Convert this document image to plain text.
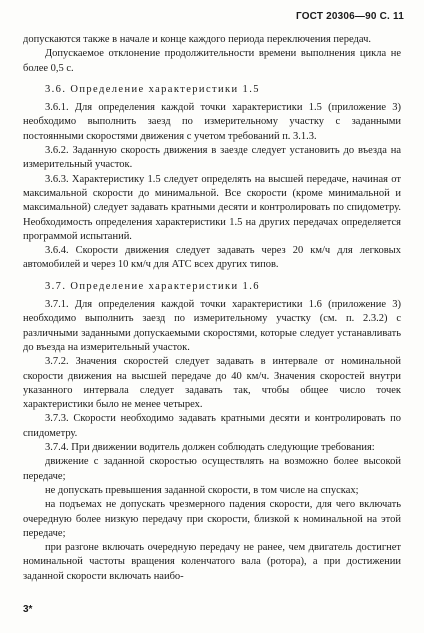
ГОСТ 20306—90 С. 11

допускаются также в начале и конце каждого периода переключения передач.

Допускаемое отклонение продолжительности времени выполнения цикла не более 0,5 с.

3.6. Определение характеристики 1.5

3.6.1. Для определения каждой точки характеристики 1.5 (приложение 3) необходимо выполнить заезд по измерительному участку с заданными постоянными скоростями движения с учетом требований п. 3.1.3.

3.6.2. Заданную скорость движения в заезде следует установить до въезда на измерительный участок.

3.6.3. Характеристику 1.5 следует определять на высшей передаче, начиная от максимальной скорости до минимальной. Все скорости (кроме минимальной и максимальной) следует задавать кратными десяти и контролировать по спидометру. Необходимость определения характеристики 1.5 на других передачах определяется программой испытаний.

3.6.4. Скорости движения следует задавать через 20 км/ч для легковых автомобилей и через 10 км/ч для АТС всех других типов.

3.7. Определение характеристики 1.6

3.7.1. Для определения каждой точки характеристики 1.6 (приложение 3) необходимо выполнить заезд по измерительному участку (см. п. 2.3.2) с различными заданными допускаемыми скоростями, которые следует устанавливать до въезда на измерительный участок.

3.7.2. Значения скоростей следует задавать в интервале от номинальной скорости движения на высшей передаче до 40 км/ч. Значения скоростей внутри указанного интервала следует задавать так, чтобы общее число точек характеристики было не менее четырех.

3.7.3. Скорости необходимо задавать кратными десяти и контролировать по спидометру.

3.7.4. При движении водитель должен соблюдать следующие требования:

движение с заданной скоростью осуществлять на возможно более высокой передаче;

не допускать превышения заданной скорости, в том числе на спусках;

на подъемах не допускать чрезмерного падения скорости, для чего включать очередную более низкую передачу при скорости, близкой к номинальной на этой передаче;

при разгоне включать очередную передачу не ранее, чем двигатель достигнет номинальной частоты вращения коленчатого вала (ротора), а при достижении заданной скорости включать наибо-

3*
